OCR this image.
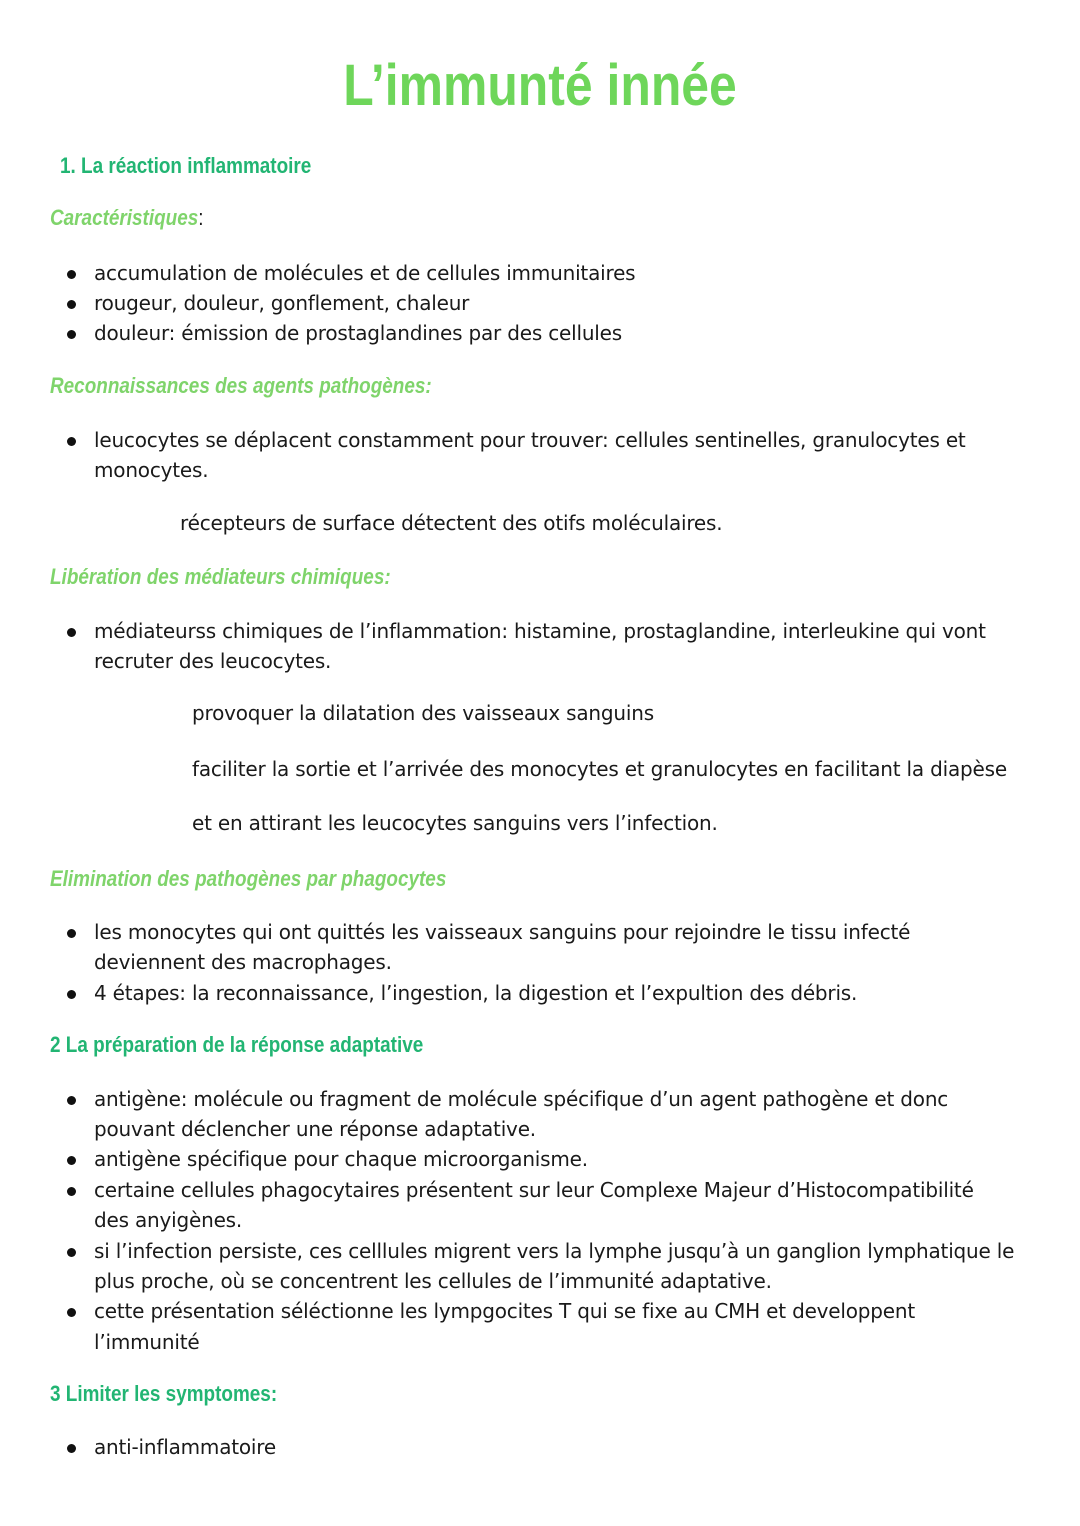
L’immunté innée
1. La réaction inflammatoire
Caractéristiques:
accumulation de molécules et de cellules immunitaires
rougeur, douleur, gonflement, chaleur
douleur: émission de prostaglandines par des cellules
Reconnaissances des agents pathogènes:
leucocytes se déplacent constamment pour trouver: cellules sentinelles, granulocytes et
monocytes.
récepteurs de surface détectent des otifs moléculaires.
Libération des médiateurs chimiques:
médiateurss chimiques de l’inflammation: histamine, prostaglandine, interleukine qui vont
recruter des leucocytes.
provoquer la dilatation des vaisseaux sanguins
faciliter la sortie et l’arrivée des monocytes et granulocytes en facilitant la diapèse
et en attirant les leucocytes sanguins vers l’infection.
Elimination des pathogènes par phagocytes
les monocytes qui ont quittés les vaisseaux sanguins pour rejoindre le tissu infecté
deviennent des macrophages.
4 étapes: la reconnaissance, l’ingestion, la digestion et l’expultion des débris.
2 La préparation de la réponse adaptative
antigène: molécule ou fragment de molécule spécifique d’un agent pathogène et donc
pouvant déclencher une réponse adaptative.
antigène spécifique pour chaque microorganisme.
certaine cellules phagocytaires présentent sur leur Complexe Majeur d’Histocompatibilité
des anyigènes.
si l’infection persiste, ces celllules migrent vers la lymphe jusqu’à un ganglion lymphatique le
plus proche, où se concentrent les cellules de l’immunité adaptative.
cette présentation séléctionne les lympgocites T qui se fixe au CMH et developpent
l’immunité
3 Limiter les symptomes:
anti-inflammatoire
